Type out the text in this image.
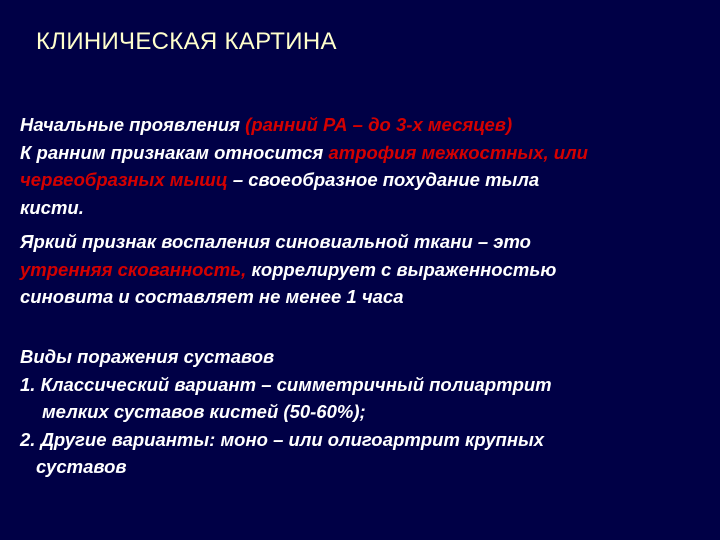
КЛИНИЧЕСКАЯ КАРТИНА
Начальные проявления (ранний РА – до 3-х месяцев)
К ранним признакам относится атрофия межкостных, или
червеобразных мышц – своеобразное похудание тыла
кисти.
Яркий признак воспаления синовиальной ткани – это
утренняя скованность, коррелирует с выраженностью
синовита и составляет не менее 1 часа
Виды поражения суставов
1. Классический вариант – симметричный полиартрит
мелких суставов кистей (50-60%);
2. Другие варианты: моно – или олигоартрит крупных
суставов
